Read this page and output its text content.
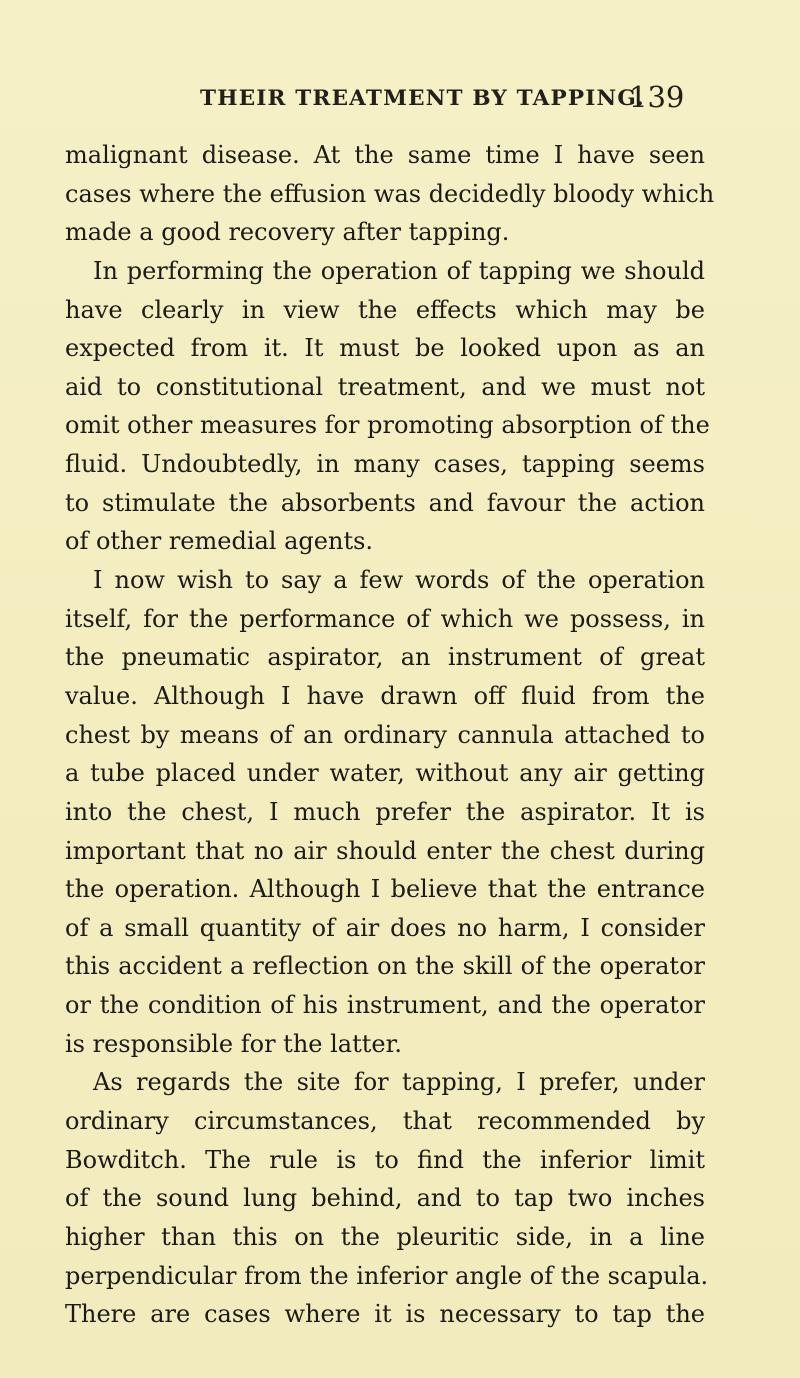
THEIR TREATMENT BY TAPPING.
139
malignant disease. At the same time I have seen
cases where the effusion was decidedly bloody which
made a good recovery after tapping.
In performing the operation of tapping we should
have clearly in view the effects which may be
expected from it. It must be looked upon as an
aid to constitutional treatment, and we must not
omit other measures for promoting absorption of the
fluid. Undoubtedly, in many cases, tapping seems
to stimulate the absorbents and favour the action
of other remedial agents.
I now wish to say a few words of the operation
itself, for the performance of which we possess, in
the pneumatic aspirator, an instrument of great
value. Although I have drawn off fluid from the
chest by means of an ordinary cannula attached to
a tube placed under water, without any air getting
into the chest, I much prefer the aspirator. It is
important that no air should enter the chest during
the operation. Although I believe that the entrance
of a small quantity of air does no harm, I consider
this accident a reflection on the skill of the operator
or the condition of his instrument, and the operator
is responsible for the latter.
As regards the site for tapping, I prefer, under
ordinary circumstances, that recommended by
Bowditch. The rule is to find the inferior limit
of the sound lung behind, and to tap two inches
higher than this on the pleuritic side, in a line
perpendicular from the inferior angle of the scapula.
There are cases where it is necessary to tap the
